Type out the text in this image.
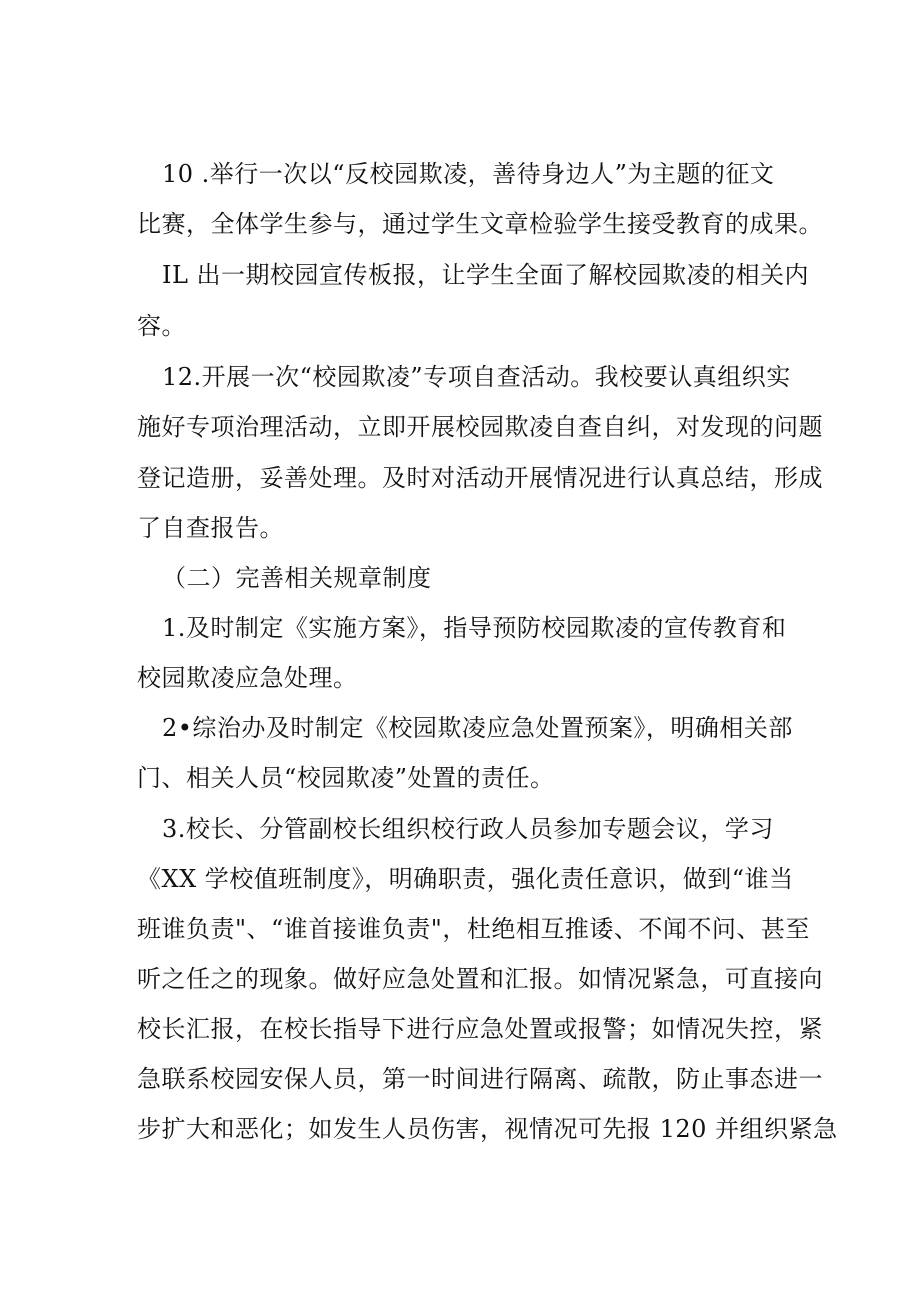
10 .举行一次以“反校园欺凌，善待身边人”为主题的征文
比赛，全体学生参与，通过学生文章检验学生接受教育的成果。
IL 出一期校园宣传板报，让学生全面了解校园欺凌的相关内
容。
12.开展一次“校园欺凌”专项自查活动。我校要认真组织实
施好专项治理活动，立即开展校园欺凌自查自纠，对发现的问题
登记造册，妥善处理。及时对活动开展情况进行认真总结，形成
了自查报告。
（二）完善相关规章制度
1.及时制定《实施方案》，指导预防校园欺凌的宣传教育和
校园欺凌应急处理。
2•综治办及时制定《校园欺凌应急处置预案》，明确相关部
门、相关人员“校园欺凌”处置的责任。
3.校长、分管副校长组织校行政人员参加专题会议，学习
《XX 学校值班制度》，明确职责，强化责任意识，做到“谁当
班谁负责"、“谁首接谁负责"，杜绝相互推诿、不闻不问、甚至
听之任之的现象。做好应急处置和汇报。如情况紧急，可直接向
校长汇报，在校长指导下进行应急处置或报警；如情况失控，紧
急联系校园安保人员，第一时间进行隔离、疏散，防止事态进一
步扩大和恶化；如发生人员伤害，视情况可先报 120 并组织紧急
